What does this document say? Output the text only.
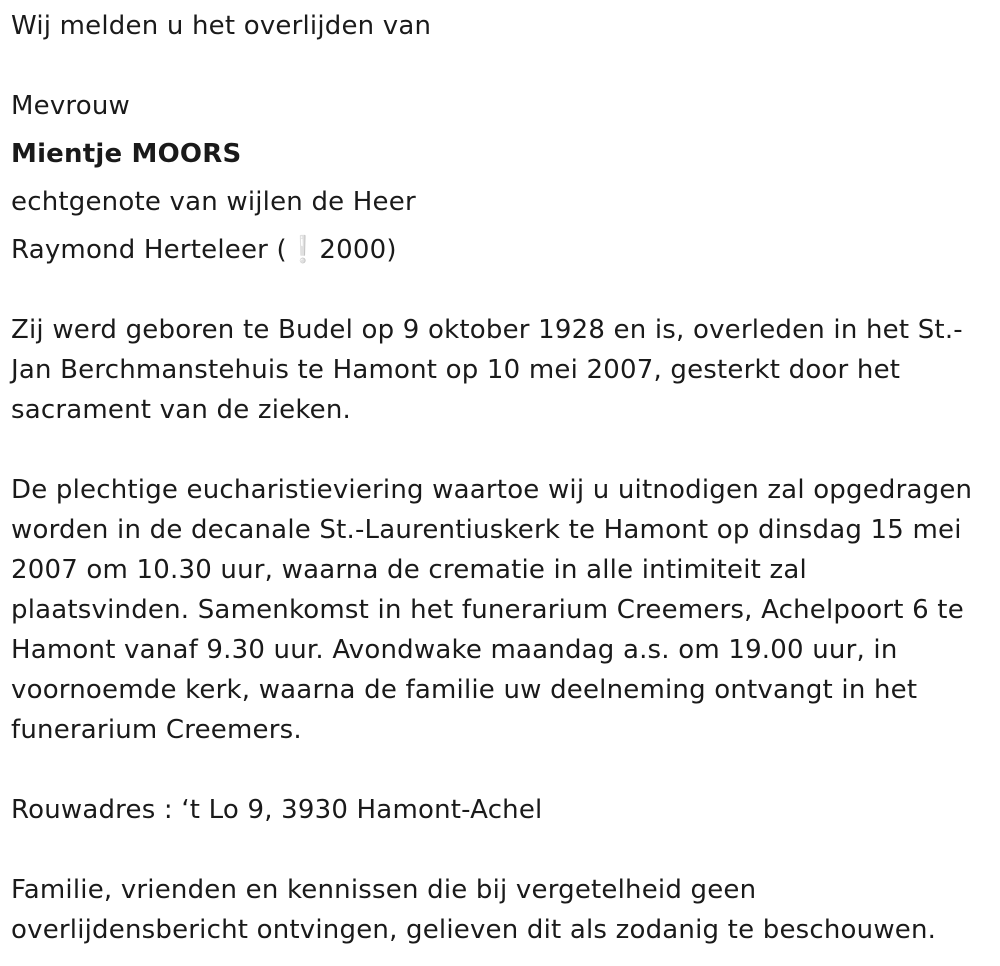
Wij melden u het overlijden van

Mevrouw

Mientje MOORS

echtgenote van wijlen de Heer

Raymond Herteleer (❕2000)

Zij werd geboren te Budel op 9 oktober 1928 en is, overleden in het St.-Jan Berchmanstehuis te Hamont op 10 mei 2007, gesterkt door het sacrament van de zieken.

De plechtige eucharistieviering waartoe wij u uitnodigen zal opgedragen worden in de decanale St.-Laurentiuskerk te Hamont op dinsdag 15 mei 2007 om 10.30 uur, waarna de crematie in alle intimiteit zal plaatsvinden. Samenkomst in het funerarium Creemers, Achelpoort 6 te Hamont vanaf 9.30 uur. Avondwake maandag a.s. om 19.00 uur, in voornoemde kerk, waarna de familie uw deelneming ontvangt in het funerarium Creemers.

Rouwadres : ‘t Lo 9, 3930 Hamont-Achel

Familie, vrienden en kennissen die bij vergetelheid geen overlijdensbericht ontvingen, gelieven dit als zodanig te beschouwen.
